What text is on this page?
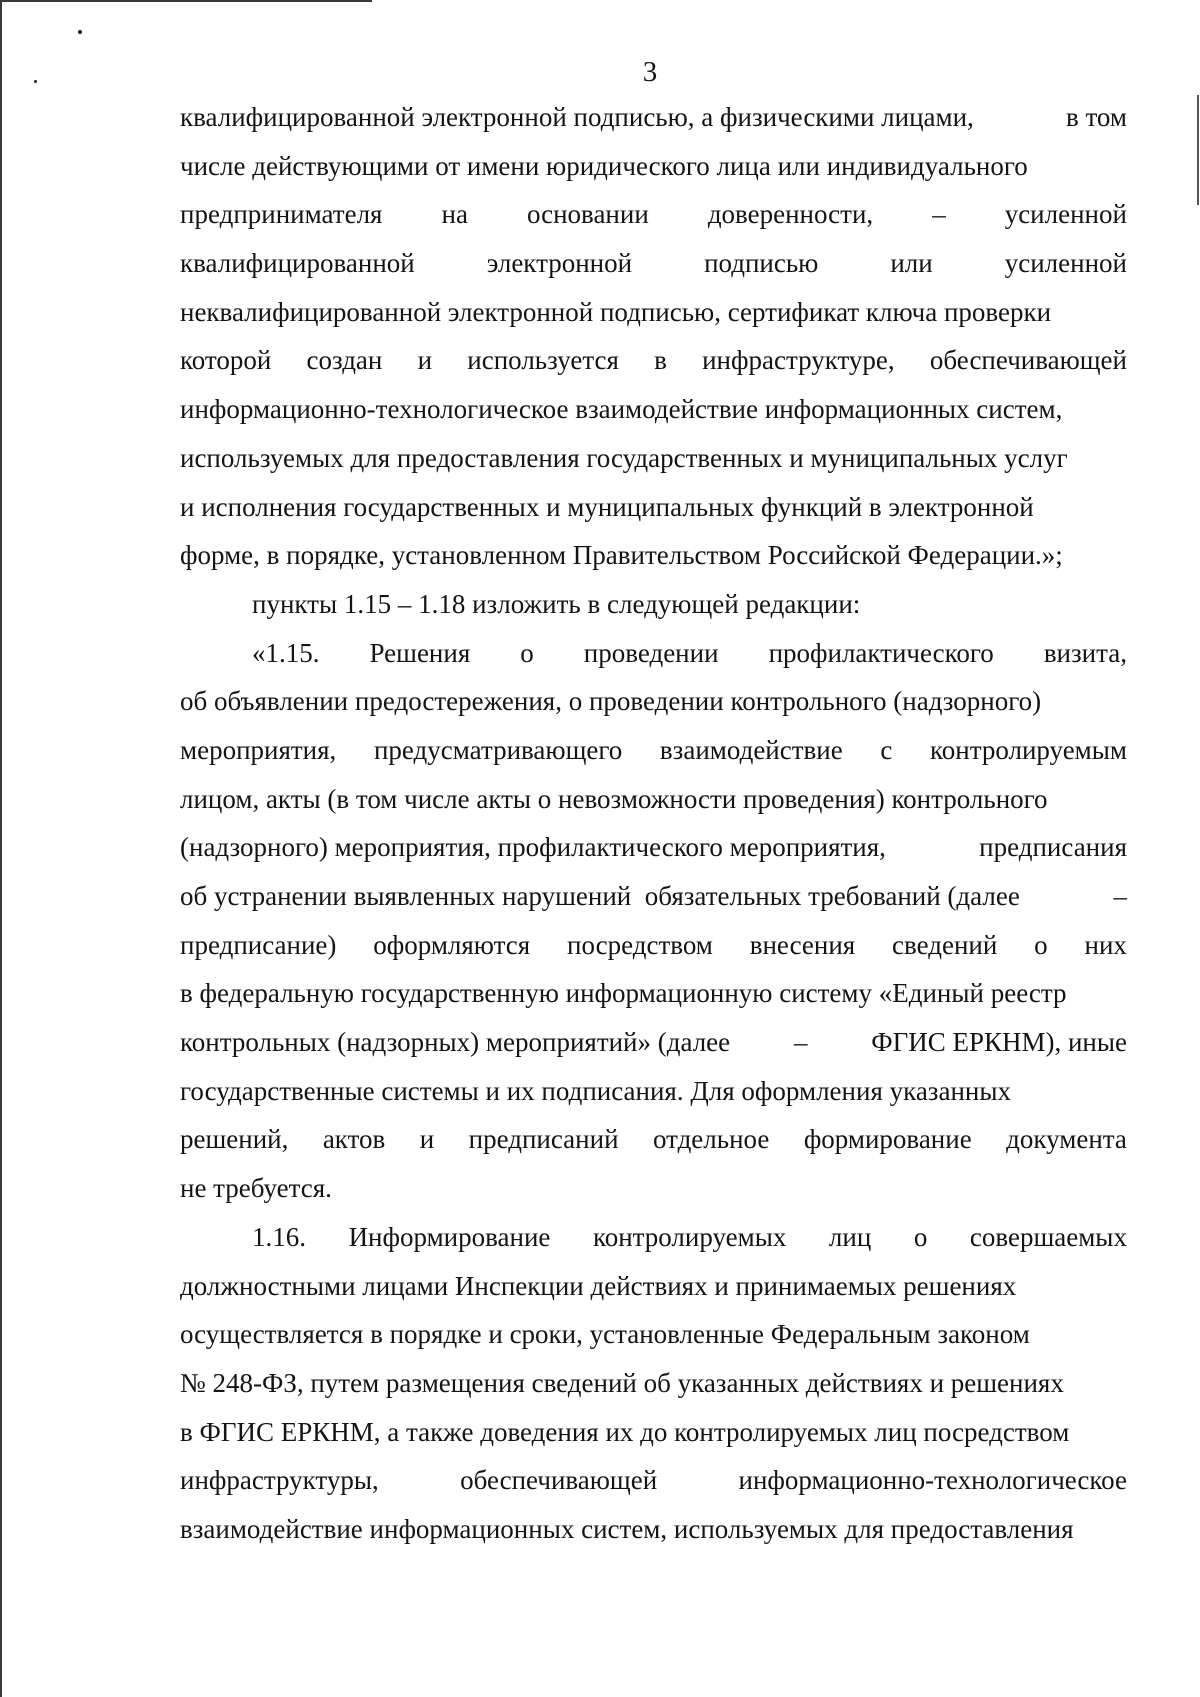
3
квалифицированной электронной подписью, а физическими лицами,	в том
числе действующими от имени юридического лица или индивидуального
предпринимателя на основании доверенности, – усиленной
квалифицированной	электронной	подписью	или	усиленной
неквалифицированной электронной подписью, сертификат ключа проверки
которой создан и используется в инфраструктуре, обеспечивающей
информационно-технологическое взаимодействие информационных систем,
используемых для предоставления государственных и муниципальных услуг
и исполнения государственных и муниципальных функций в электронной
форме, в порядке, установленном Правительством Российской Федерации.»;
пункты 1.15 – 1.18 изложить в следующей редакции:
«1.15. Решения о проведении профилактического визита,
об объявлении предостережения, о проведении контрольного (надзорного)
мероприятия, предусматривающего взаимодействие с контролируемым
лицом, акты (в том числе акты о невозможности проведения) контрольного
(надзорного) мероприятия, профилактического мероприятия,	предписания
об устранении выявленных нарушений  обязательных требований (далее	–
предписание) оформляются посредством внесения сведений о них
в федеральную государственную информационную систему «Единый реестр
контрольных (надзорных) мероприятий» (далее – ФГИС ЕРКНМ), иные
государственные системы и их подписания. Для оформления указанных
решений, актов и предписаний отдельное формирование документа
не требуется.
1.16. Информирование контролируемых лиц о совершаемых
должностными лицами Инспекции действиях и принимаемых решениях
осуществляется в порядке и сроки, установленные Федеральным законом
№ 248-ФЗ, путем размещения сведений об указанных действиях и решениях
в ФГИС ЕРКНМ, а также доведения их до контролируемых лиц посредством
инфраструктуры,	обеспечивающей	информационно-технологическое
взаимодействие информационных систем, используемых для предоставления
